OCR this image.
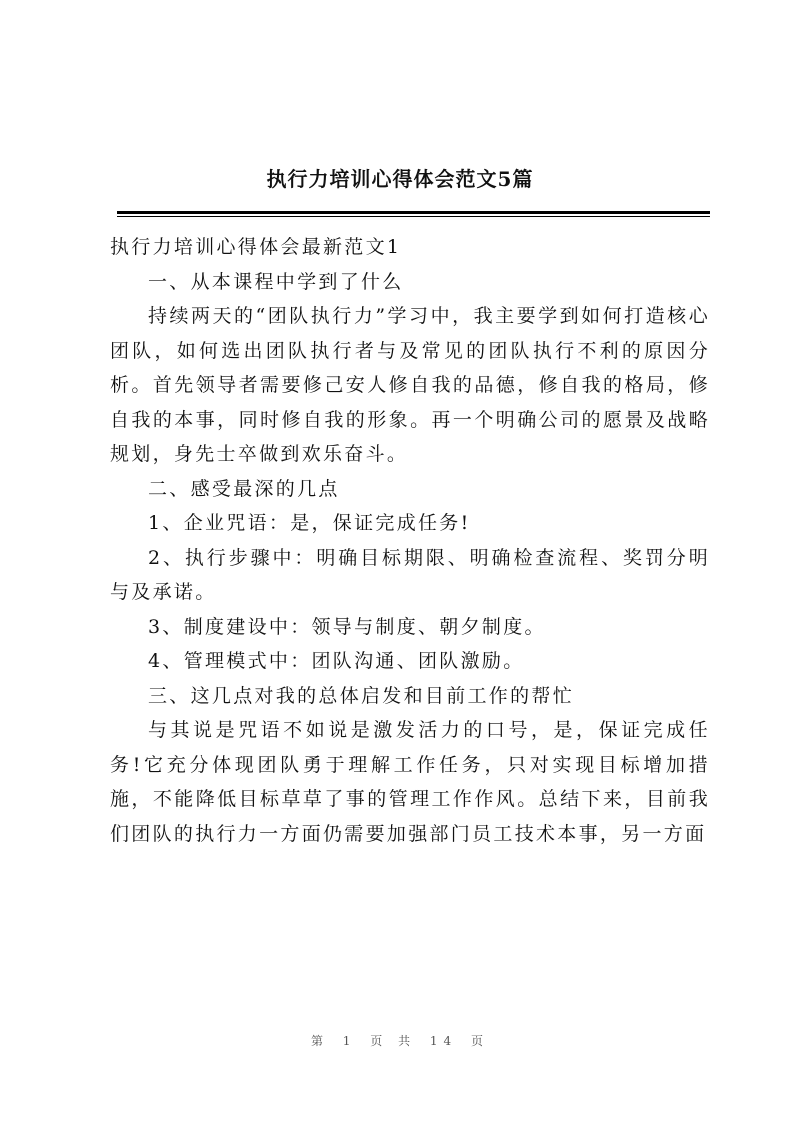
执行力培训心得体会范文5篇

执行力培训心得体会最新范文1

一、从本课程中学到了什么

持续两天的“团队执行力”学习中，我主要学到如何打造核心团队，如何选出团队执行者与及常见的团队执行不利的原因分析。首先领导者需要修己安人修自我的品德，修自我的格局，修自我的本事，同时修自我的形象。再一个明确公司的愿景及战略规划，身先士卒做到欢乐奋斗。

二、感受最深的几点

1、企业咒语：是，保证完成任务!

2、执行步骤中：明确目标期限、明确检查流程、奖罚分明与及承诺。

3、制度建设中：领导与制度、朝夕制度。

4、管理模式中：团队沟通、团队激励。

三、这几点对我的总体启发和目前工作的帮忙

与其说是咒语不如说是激发活力的口号，是，保证完成任务!它充分体现团队勇于理解工作任务，只对实现目标增加措施，不能降低目标草草了事的管理工作作风。总结下来，目前我们团队的执行力一方面仍需要加强部门员工技术本事，另一方面

第 1 页 共 14 页
